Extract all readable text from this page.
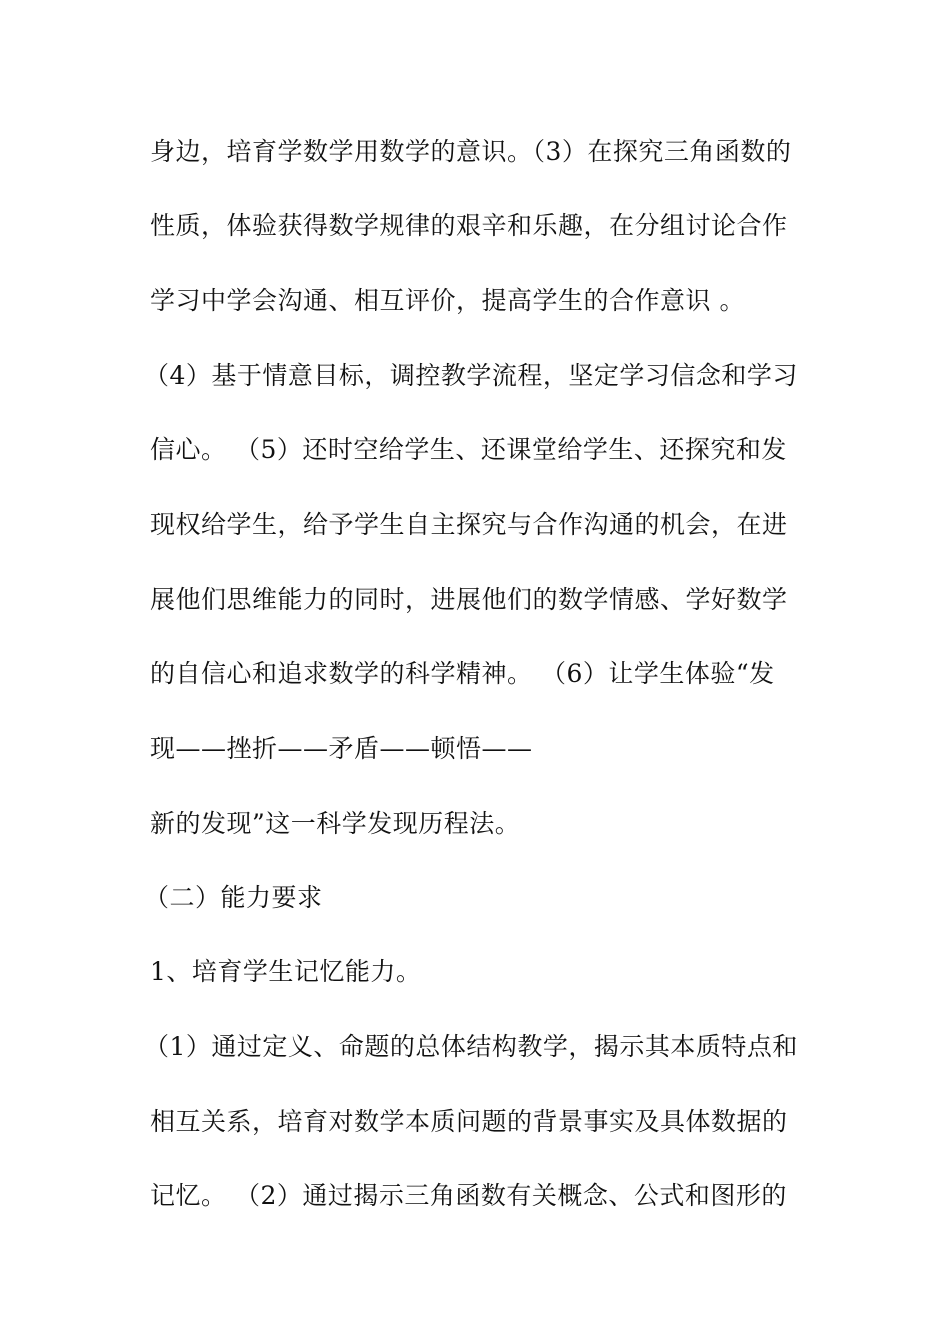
身边，培育学数学用数学的意识。（3）在探究三角函数的
性质，体验获得数学规律的艰辛和乐趣，在分组讨论合作
学习中学会沟通、相互评价，提高学生的合作意识 。
（4）基于情意目标，调控教学流程，坚定学习信念和学习
信心。 （5）还时空给学生、还课堂给学生、还探究和发
现权给学生，给予学生自主探究与合作沟通的机会，在进
展他们思维能力的同时，进展他们的数学情感、学好数学
的自信心和追求数学的科学精神。 （6）让学生体验“发
现——挫折——矛盾——顿悟——
新的发现”这一科学发现历程法。
（二）能力要求
1、培育学生记忆能力。
（1）通过定义、命题的总体结构教学，揭示其本质特点和
相互关系，培育对数学本质问题的背景事实及具体数据的
记忆。 （2）通过揭示三角函数有关概念、公式和图形的
